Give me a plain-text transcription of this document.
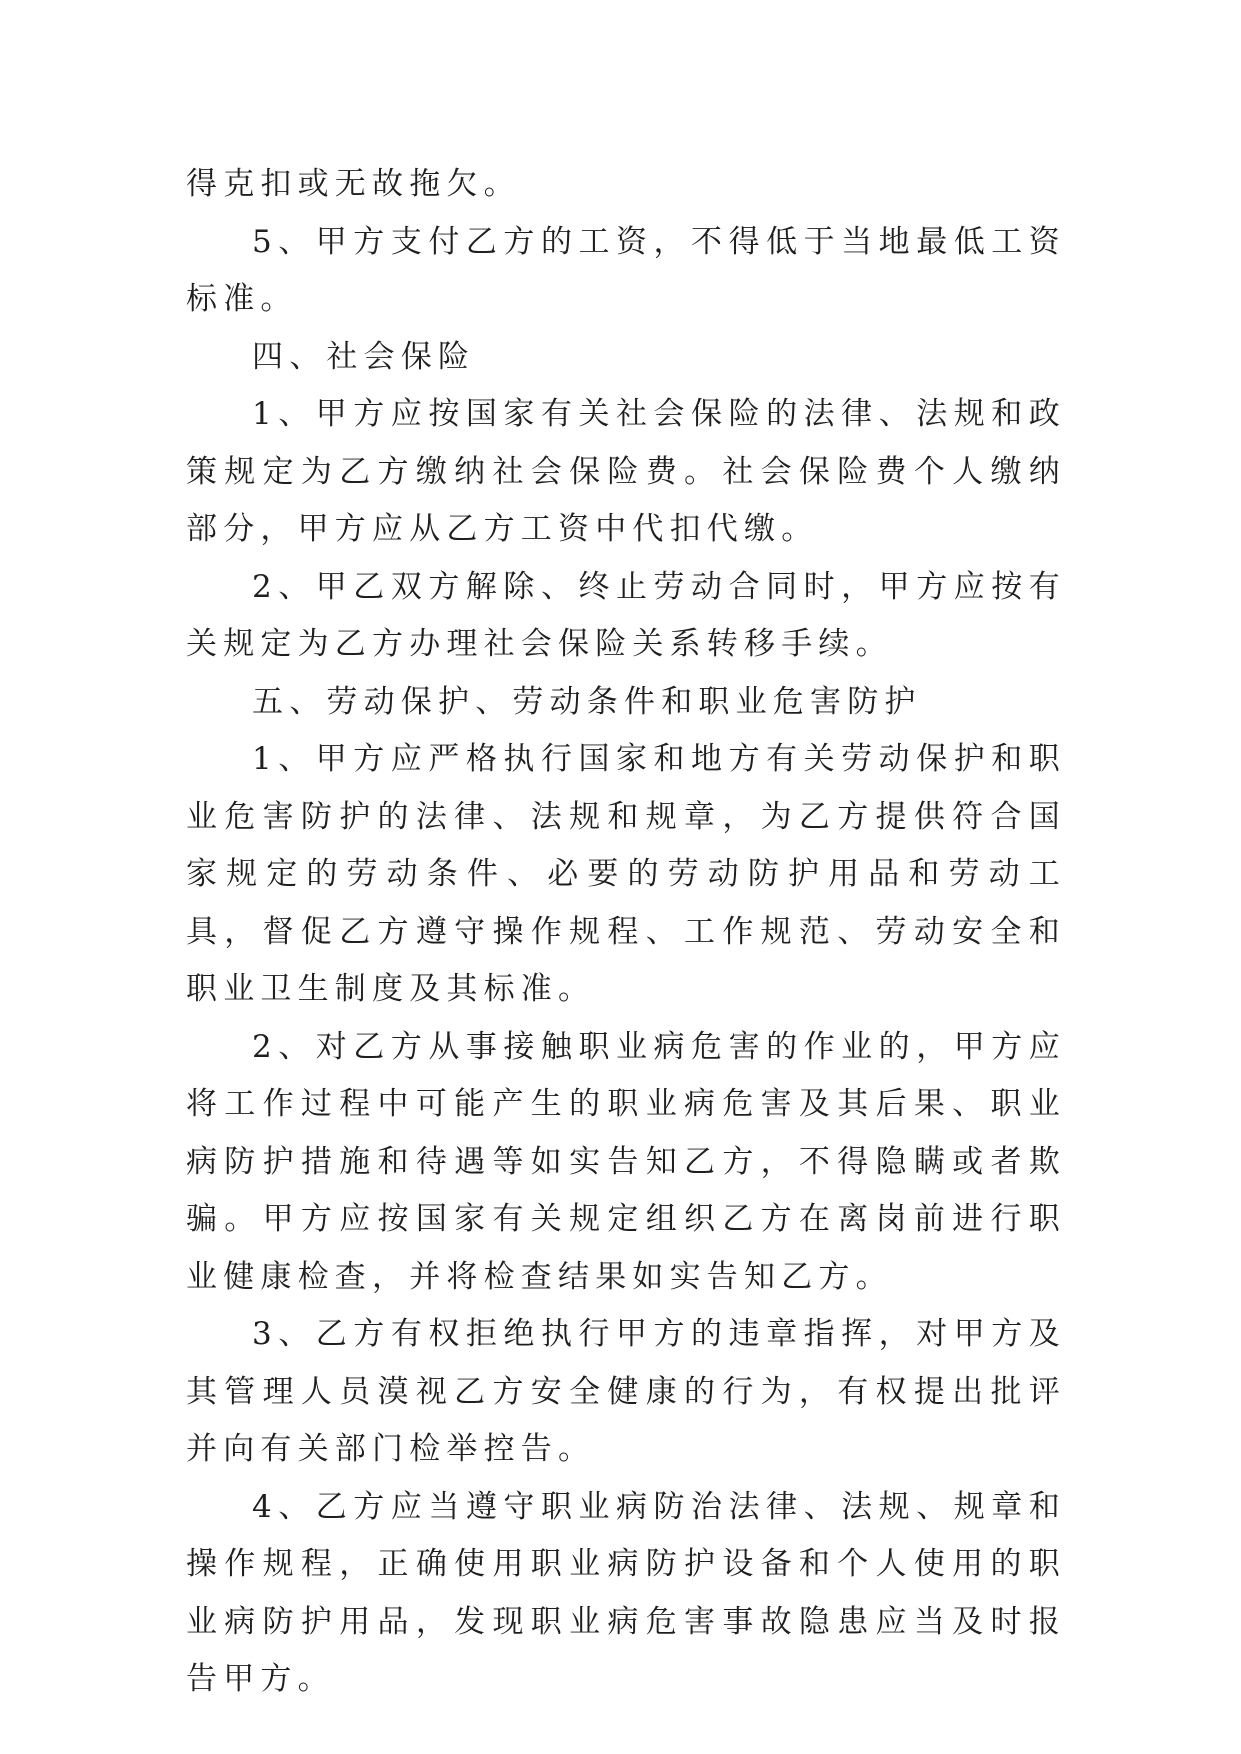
得克扣或无故拖欠。

5、甲方支付乙方的工资，不得低于当地最低工资标准。

四、社会保险

1、甲方应按国家有关社会保险的法律、法规和政策规定为乙方缴纳社会保险费。社会保险费个人缴纳部分，甲方应从乙方工资中代扣代缴。

2、甲乙双方解除、终止劳动合同时，甲方应按有关规定为乙方办理社会保险关系转移手续。

五、劳动保护、劳动条件和职业危害防护

1、甲方应严格执行国家和地方有关劳动保护和职业危害防护的法律、法规和规章，为乙方提供符合国家规定的劳动条件、必要的劳动防护用品和劳动工具，督促乙方遵守操作规程、工作规范、劳动安全和职业卫生制度及其标准。

2、对乙方从事接触职业病危害的作业的，甲方应将工作过程中可能产生的职业病危害及其后果、职业病防护措施和待遇等如实告知乙方，不得隐瞒或者欺骗。甲方应按国家有关规定组织乙方在离岗前进行职业健康检查，并将检查结果如实告知乙方。

3、乙方有权拒绝执行甲方的违章指挥，对甲方及其管理人员漠视乙方安全健康的行为，有权提出批评并向有关部门检举控告。

4、乙方应当遵守职业病防治法律、法规、规章和操作规程，正确使用职业病防护设备和个人使用的职业病防护用品，发现职业病危害事故隐患应当及时报告甲方。
